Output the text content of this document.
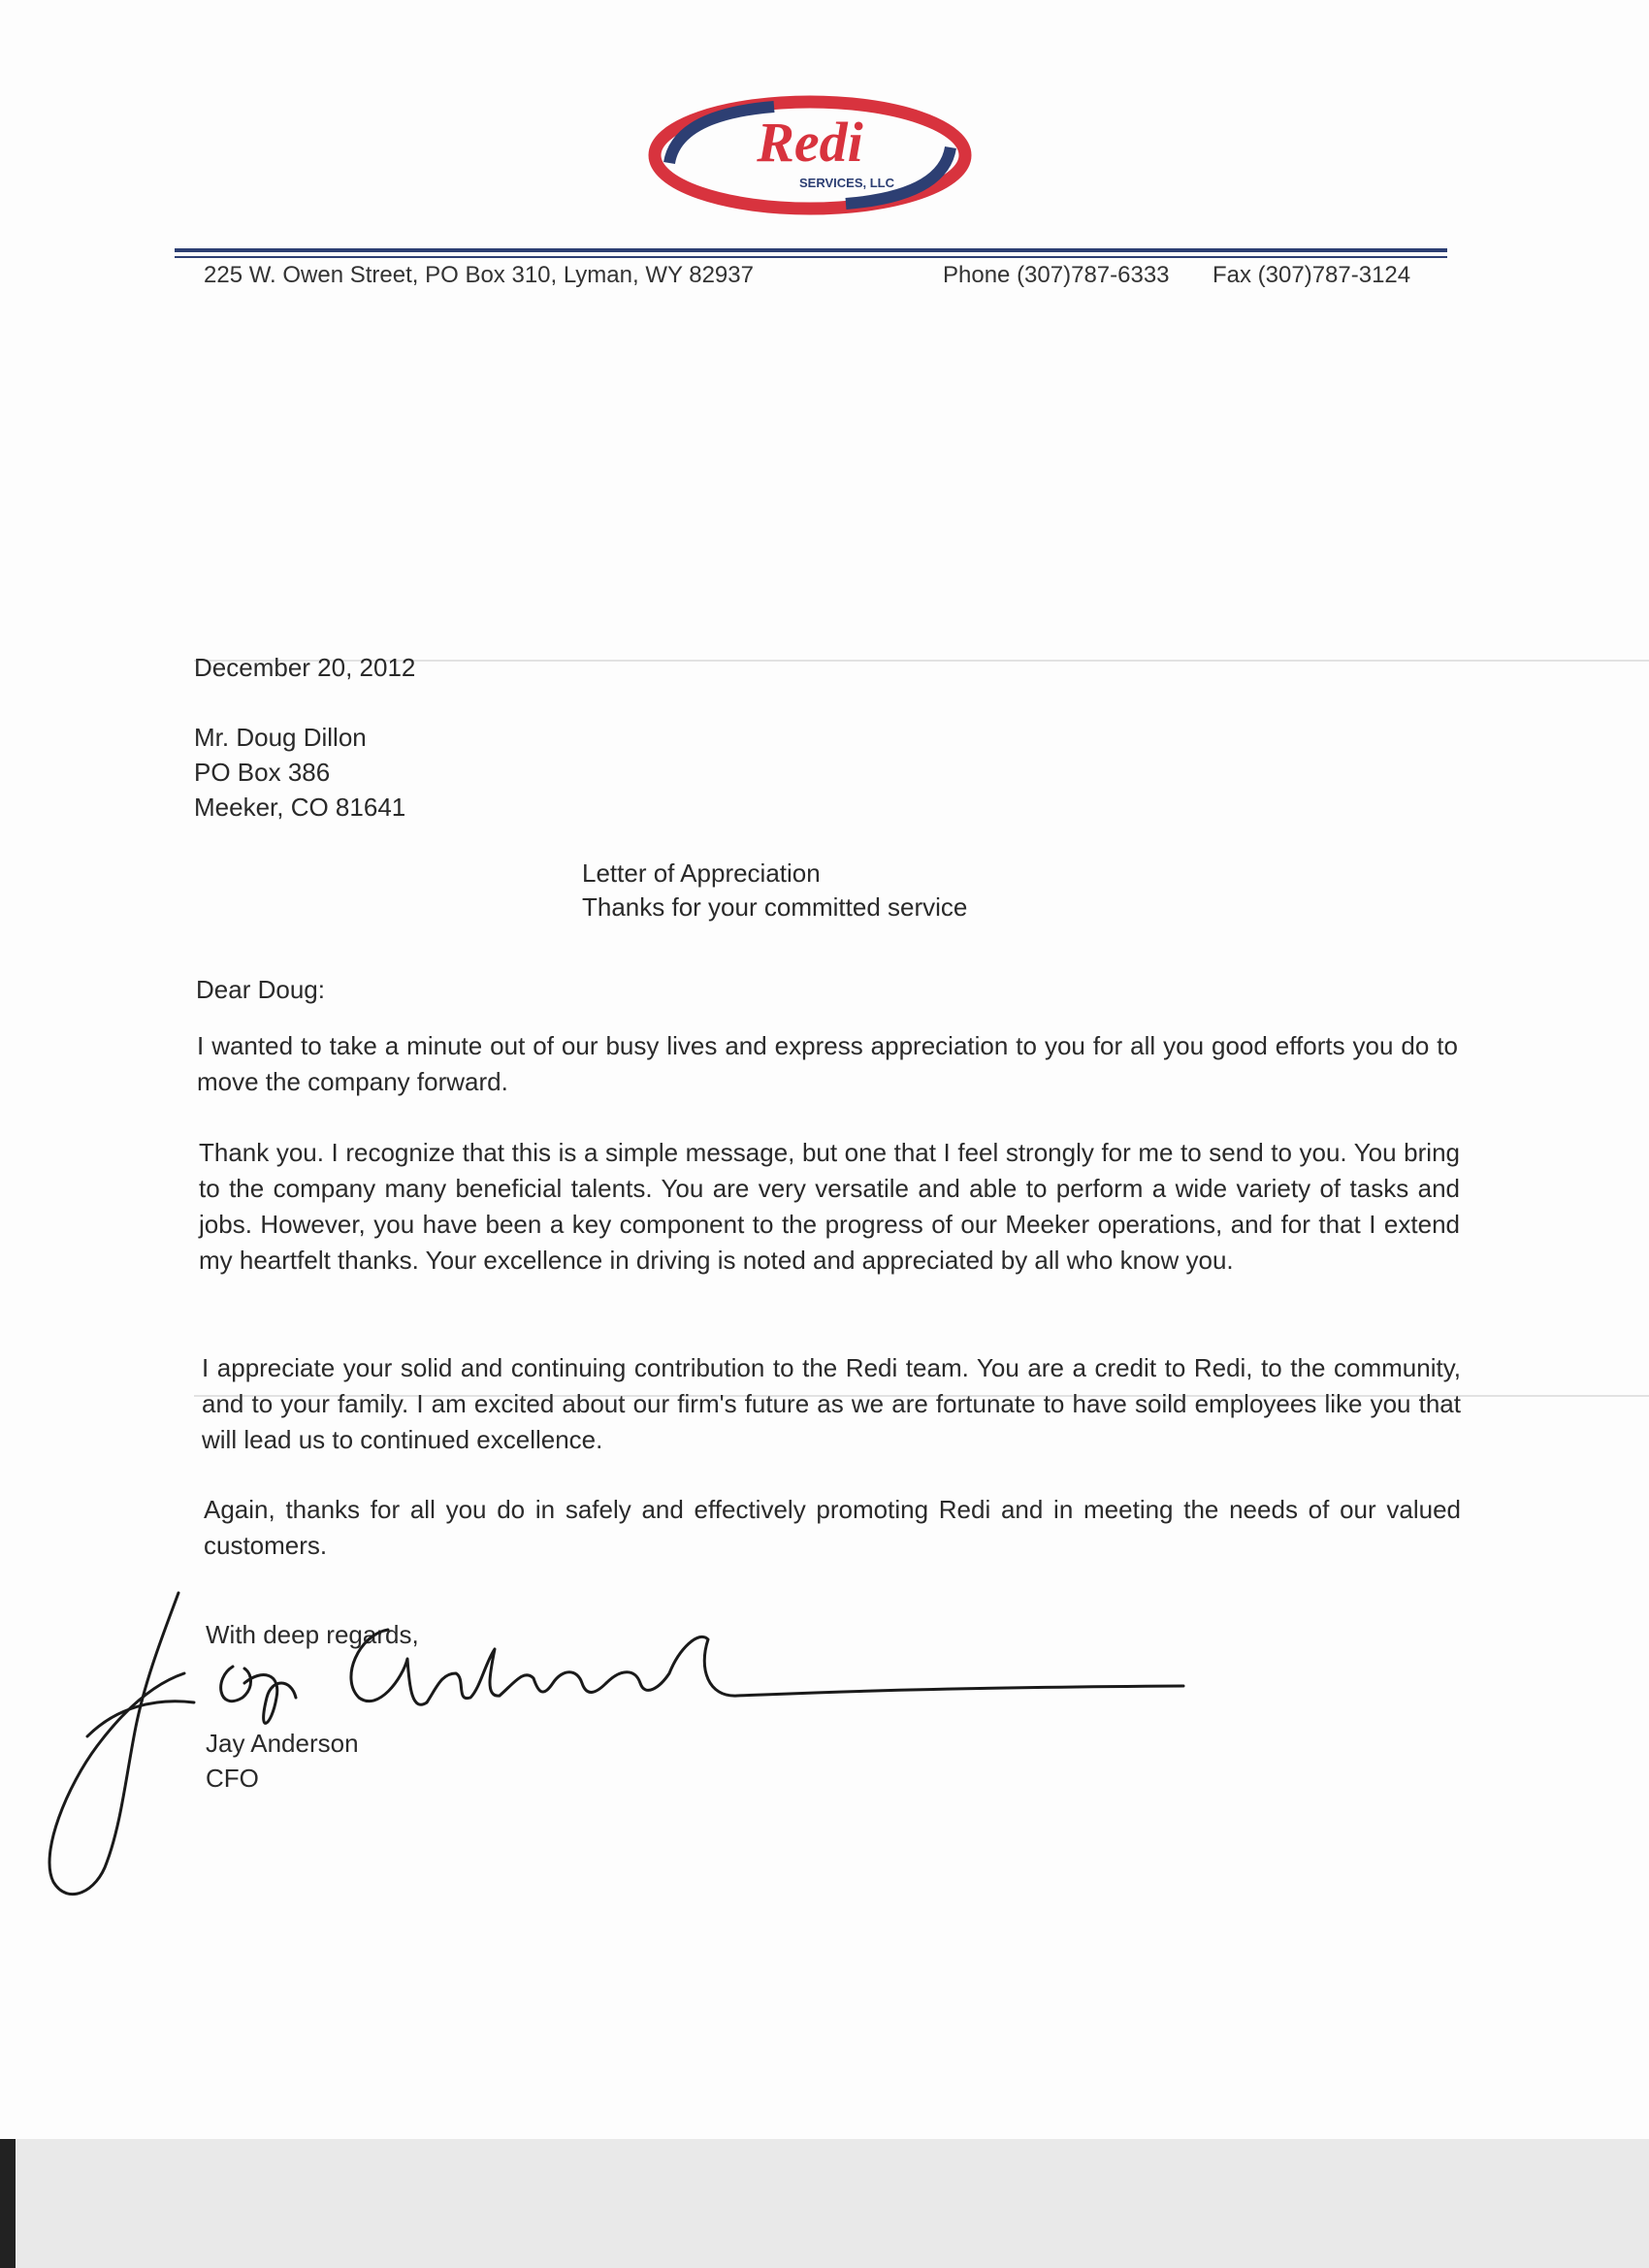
Redi
SERVICES, LLC
225 W. Owen Street, PO Box 310, Lyman, WY 82937	Phone (307)787-6333 Fax (307)787-3124
December 20, 2012
Mr. Doug Dillon
PO Box 386
Meeker, CO 81641
Letter of Appreciation
Thanks for your committed service
Dear Doug:
I wanted to take a minute out of our busy lives and express appreciation to you for all you good efforts you do to move the company forward.
Thank you. I recognize that this is a simple message, but one that I feel strongly for me to send to you. You bring to the company many beneficial talents. You are very versatile and able to perform a wide variety of tasks and jobs. However, you have been a key component to the progress of our Meeker operations, and for that I extend my heartfelt thanks. Your excellence in driving is noted and appreciated by all who know you.
I appreciate your solid and continuing contribution to the Redi team. You are a credit to Redi, to the community, and to your family. I am excited about our firm's future as we are fortunate to have soild employees like you that will lead us to continued excellence.
Again, thanks for all you do in safely and effectively promoting Redi and in meeting the needs of our valued customers.
With deep regards,
Jay Anderson
CFO
